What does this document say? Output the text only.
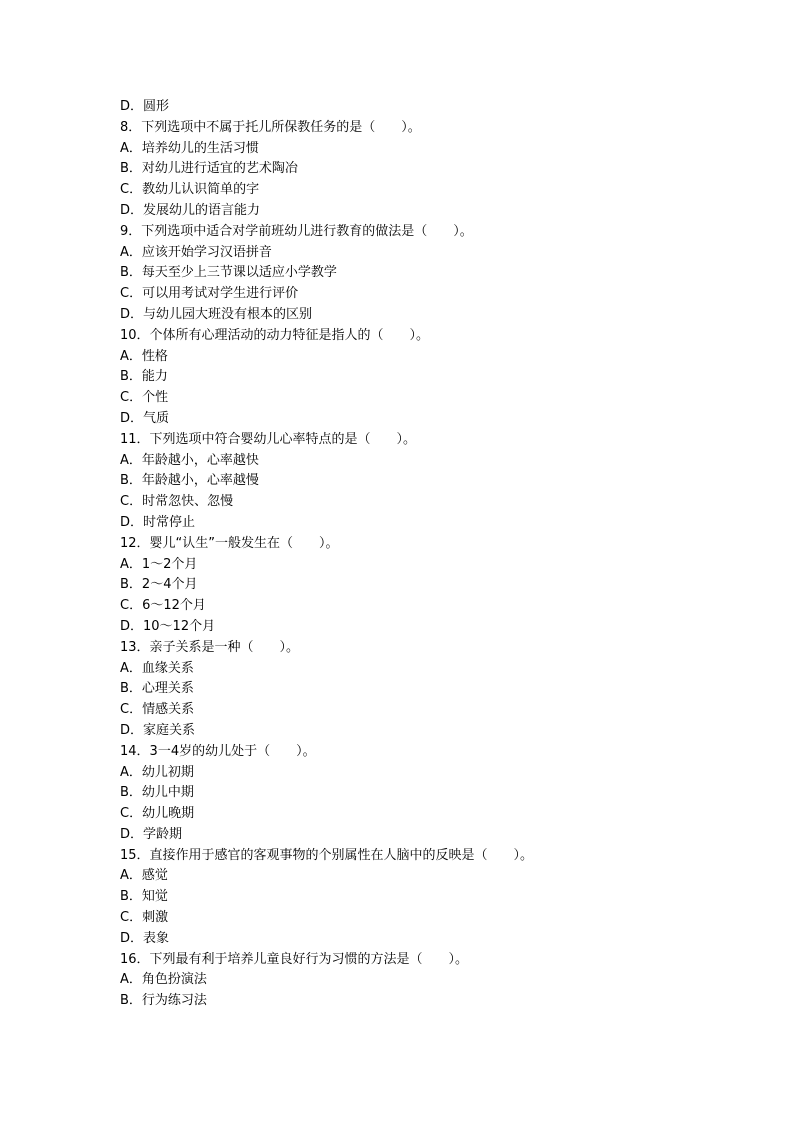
D．圆形

8．下列选项中不属于托儿所保教任务的是（　　）。

A．培养幼儿的生活习惯

B．对幼儿进行适宜的艺术陶冶

C．教幼儿认识简单的字

D．发展幼儿的语言能力

9．下列选项中适合对学前班幼儿进行教育的做法是（　　）。

A．应该开始学习汉语拼音

B．每天至少上三节课以适应小学教学

C．可以用考试对学生进行评价

D．与幼儿园大班没有根本的区别

10．个体所有心理活动的动力特征是指人的（　　）。

A．性格

B．能力

C．个性

D．气质

11．下列选项中符合婴幼儿心率特点的是（　　）。

A．年龄越小，心率越快

B．年龄越小，心率越慢

C．时常忽快、忽慢

D．时常停止

12．婴儿“认生”一般发生在（　　）。

A．1～2个月

B．2～4个月

C．6～12个月

D．10～12个月

13．亲子关系是一种（　　）。

A．血缘关系

B．心理关系

C．情感关系

D．家庭关系

14．3一4岁的幼儿处于（　　）。

A．幼儿初期

B．幼儿中期

C．幼儿晚期

D．学龄期

15．直接作用于感官的客观事物的个别属性在人脑中的反映是（　　）。

A．感觉

B．知觉

C．刺激

D．表象

16．下列最有利于培养儿童良好行为习惯的方法是（　　）。

A．角色扮演法

B．行为练习法
